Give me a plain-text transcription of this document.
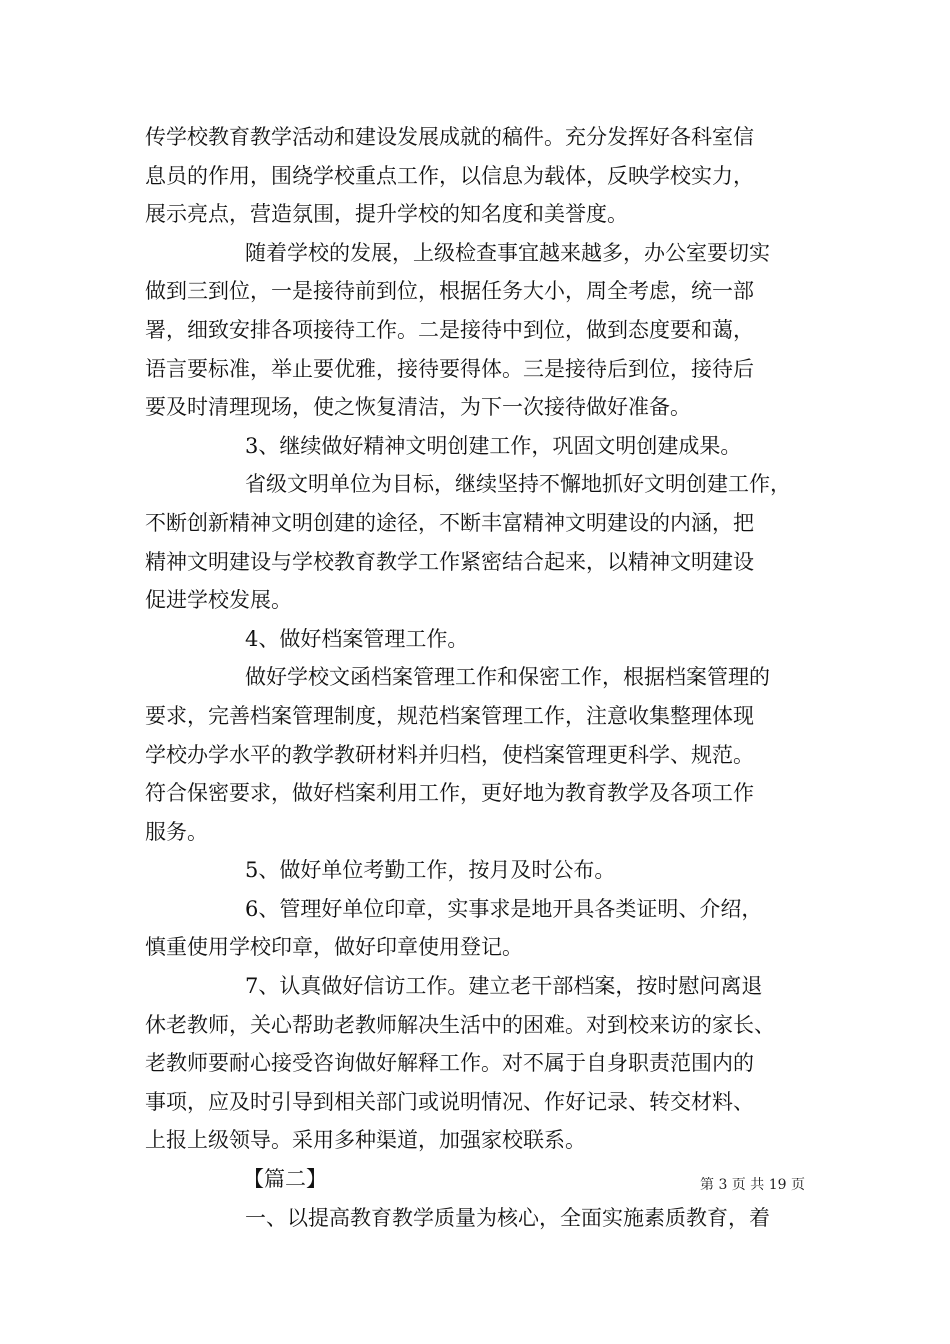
传学校教育教学活动和建设发展成就的稿件。充分发挥好各科室信
息员的作用，围绕学校重点工作，以信息为载体，反映学校实力，
展示亮点，营造氛围，提升学校的知名度和美誉度。
随着学校的发展，上级检查事宜越来越多，办公室要切实
做到三到位，一是接待前到位，根据任务大小，周全考虑，统一部
署，细致安排各项接待工作。二是接待中到位，做到态度要和蔼，
语言要标准，举止要优雅，接待要得体。三是接待后到位，接待后
要及时清理现场，使之恢复清洁，为下一次接待做好准备。
3、继续做好精神文明创建工作，巩固文明创建成果。
省级文明单位为目标，继续坚持不懈地抓好文明创建工作，
不断创新精神文明创建的途径，不断丰富精神文明建设的内涵，把
精神文明建设与学校教育教学工作紧密结合起来，以精神文明建设
促进学校发展。
4、做好档案管理工作。
做好学校文函档案管理工作和保密工作，根据档案管理的
要求，完善档案管理制度，规范档案管理工作，注意收集整理体现
学校办学水平的教学教研材料并归档，使档案管理更科学、规范。
符合保密要求，做好档案利用工作，更好地为教育教学及各项工作
服务。
5、做好单位考勤工作，按月及时公布。
6、管理好单位印章，实事求是地开具各类证明、介绍，
慎重使用学校印章，做好印章使用登记。
7、认真做好信访工作。建立老干部档案，按时慰问离退
休老教师，关心帮助老教师解决生活中的困难。对到校来访的家长、
老教师要耐心接受咨询做好解释工作。对不属于自身职责范围内的
事项，应及时引导到相关部门或说明情况、作好记录、转交材料、
上报上级领导。采用多种渠道，加强家校联系。
【篇二】
一、以提高教育教学质量为核心，全面实施素质教育，着
第 3 页 共 19 页
